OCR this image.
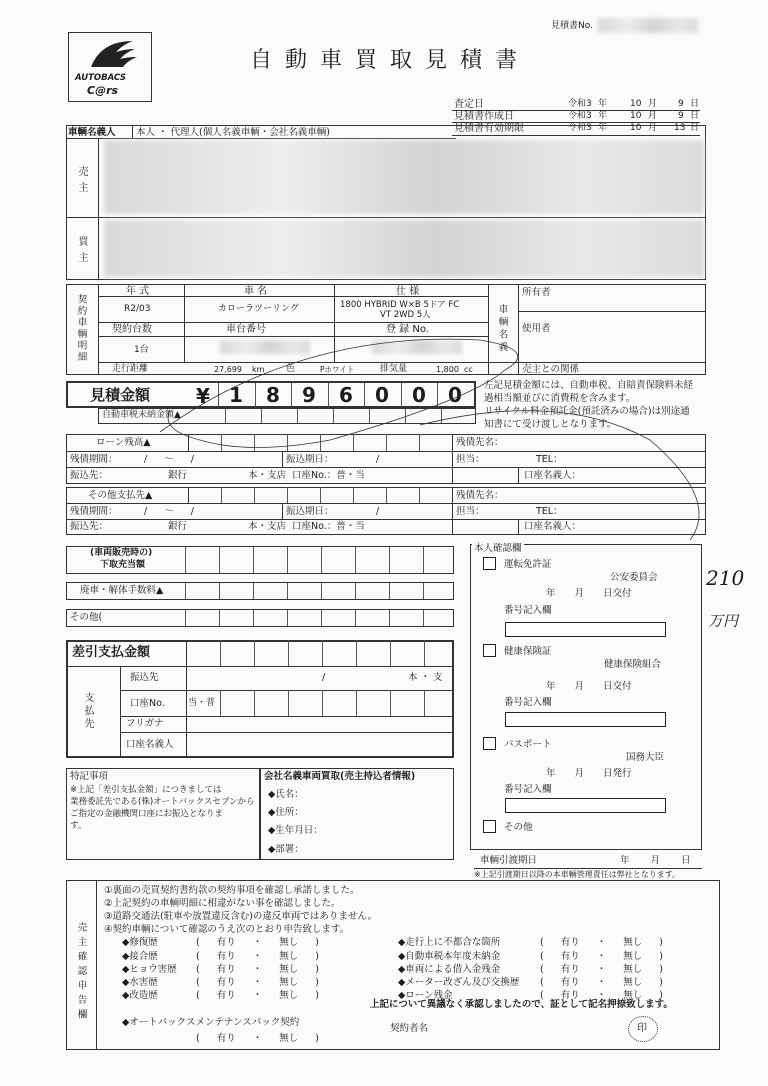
見積書No.
AUTOBACS
C@rs
自動車買取見積書
査定日	令和3 年	10 月 9 日
見積書作成日	令和3 年	10 月 9 日
見積書有効期限	令和3 年	10 月 13 日
車輌名義人 本人 ・ 代理人(個人名義車輌・会社名義車輌)
売主
買主
契約車輌明細
年 式	車 名	仕 様
R2/03	カローラツーリング	1800 HYBRID W×B 5ドア FC
VT 2WD 5人
契約台数	車台番号	登 録 No.
1台
走行距離	27,699 km 色	Pホワイト	排気量	1,800 cc
車輌名義
所有者
使用者
売主との関係
見積金額 ¥ 1	8	9	6	0	0	0	左記見積金額には、自動車税、自賠責保険料未経
過相当額並びに消費税を含みます。
リサイクル料金預託金(預託済みの場合)は別途通
知書にて受け渡しとなります。
自動車税未納金額▲
ローン残高▲	残債先名：
残債期間：	/ ～ /	振込期日：	/	担当：	TEL：
振込先：	銀行	本・支店 口座No.：普・当	口座名義人：
その他支払先▲	残債先名：
残債期間：	/ ～ /	振込期日：	/	担当：	TEL：
振込先：	銀行	本・支店 口座No.：普・当	口座名義人：
(車両販売時の)
下取充当額
廃車・解体手数料▲
その他(
差引支払金額
支払先
振込先	/	本 ・ 支
口座No.	当・普
フリガナ
口座名義人
特記事項
※上記「差引支払金額」につきましては
業務委託先である(株)オートバックスセブンから
ご指定の金融機関口座にお振込となりま
す。
会社名義車両買取(売主持込者情報)
◆氏名：
◆住所：
◆生年月日：
◆部署：
本人確認欄
運転免許証
公安委員会
年 月 日交付
番号記入欄
健康保険証
健康保険組合
年 月 日交付
番号記入欄
パスポート
国務大臣
年 月 日発行
番号記入欄
その他
車輌引渡期日	年 月 日
※上記引渡期日以降の本車輌管理責任は弊社となります。
210
万円
売主確認申告欄
①裏面の売買契約書約款の契約事項を確認し承諾しました。
②上記契約の車輌明細に相違がない事を確認しました。
③道路交通法(駐車や放置違反含む)の違反車両ではありません。
④契約車輌について確認のうえ次のとおり申告致します。
◆修復歴	( 有り ・ 無し )
◆接合歴	( 有り ・ 無し )
◆ヒョウ害歴 ( 有り ・ 無し )
◆水害歴	( 有り ・ 無し )
◆改造歴	( 有り ・ 無し )
◆走行上に不都合な箇所	( 有り ・ 無し )
◆自動車税本年度未納金	( 有り ・ 無し )
◆車両による借入金残金	( 有り ・ 無し )
◆メーター改ざん及び交換歴 ( 有り ・ 無し )
◆ローン残金	( 有り ・ 無し )
上記について異議なく承認しましたので、証として記名押捺致します。
◆オートバックスメンテナンスパック契約
( 有り ・ 無し )
契約者名	印
